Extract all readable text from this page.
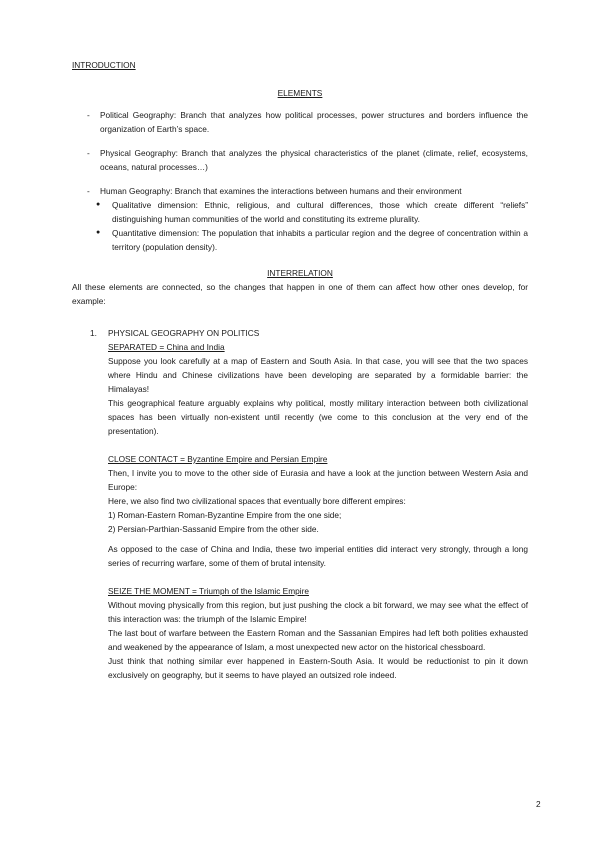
INTRODUCTION

ELEMENTS

- Political Geography: Branch that analyzes how political processes, power structures and borders influence the organization of Earth’s space.
- Physical Geography: Branch that analyzes the physical characteristics of the planet (climate, relief, ecosystems, oceans, natural processes…)
- Human Geography: Branch that examines the interactions between humans and their environment
● Qualitative dimension: Ethnic, religious, and cultural differences, those which create different “reliefs” distinguishing human communities of the world and constituting its extreme plurality.
● Quantitative dimension: The population that inhabits a particular region and the degree of concentration within a territory (population density).

INTERRELATION

All these elements are connected, so the changes that happen in one of them can affect how other ones develop, for example:

1. PHYSICAL GEOGRAPHY ON POLITICS

SEPARATED = China and India

Suppose you look carefully at a map of Eastern and South Asia. In that case, you will see that the two spaces where Hindu and Chinese civilizations have been developing are separated by a formidable barrier: the Himalayas!

This geographical feature arguably explains why political, mostly military interaction between both civilizational spaces has been virtually non-existent until recently (we come to this conclusion at the very end of the presentation).

CLOSE CONTACT = Byzantine Empire and Persian Empire

Then, I invite you to move to the other side of Eurasia and have a look at the junction between Western Asia and Europe:

Here, we also find two civilizational spaces that eventually bore different empires:

1) Roman-Eastern Roman-Byzantine Empire from the one side;

2) Persian-Parthian-Sassanid Empire from the other side.

As opposed to the case of China and India, these two imperial entities did interact very strongly, through a long series of recurring warfare, some of them of brutal intensity.

SEIZE THE MOMENT = Triumph of the Islamic Empire

Without moving physically from this region, but just pushing the clock a bit forward, we may see what the effect of this interaction was: the triumph of the Islamic Empire!

The last bout of warfare between the Eastern Roman and the Sassanian Empires had left both polities exhausted and weakened by the appearance of Islam, a most unexpected new actor on the historical chessboard.

Just think that nothing similar ever happened in Eastern-South Asia. It would be reductionist to pin it down exclusively on geography, but it seems to have played an outsized role indeed.

2
